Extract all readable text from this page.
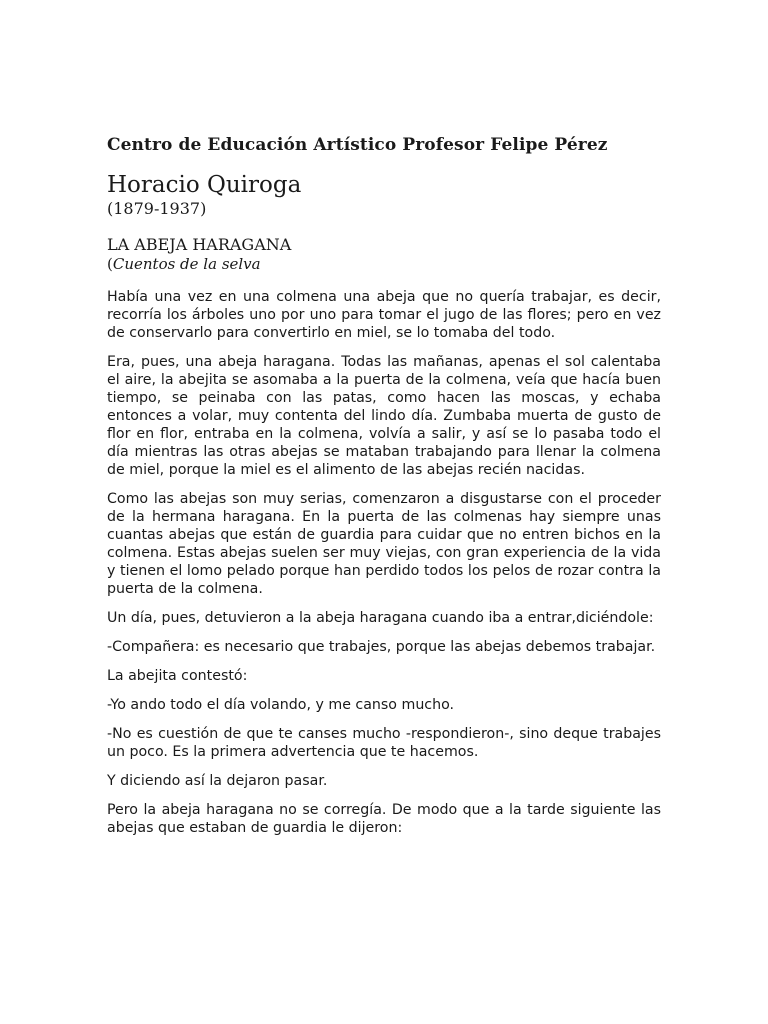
Centro de Educación Artístico Profesor Felipe Pérez
Horacio Quiroga
(1879-1937)
LA ABEJA HARAGANA
(Cuentos de la selva

Había una vez en una colmena una abeja que no quería trabajar, es decir, recorría los árboles uno por uno para tomar el jugo de las flores; pero en vez de conservarlo para convertirlo en miel, se lo tomaba del todo.

Era, pues, una abeja haragana. Todas las mañanas, apenas el sol calentaba el aire, la abejita se asomaba a la puerta de la colmena, veía que hacía buen tiempo, se peinaba con las patas, como hacen las moscas, y echaba entonces a volar, muy contenta del lindo día. Zumbaba muerta de gusto de flor en flor, entraba en la colmena, volvía a salir, y así se lo pasaba todo el día mientras las otras abejas se mataban trabajando para llenar la colmena de miel, porque la miel es el alimento de las abejas recién nacidas.

Como las abejas son muy serias, comenzaron a disgustarse con el proceder de la hermana haragana. En la puerta de las colmenas hay siempre unas cuantas abejas que están de guardia para cuidar que no entren bichos en la colmena. Estas abejas suelen ser muy viejas, con gran experiencia de la vida y tienen el lomo pelado porque han perdido todos los pelos de rozar contra la puerta de la colmena.

Un día, pues, detuvieron a la abeja haragana cuando iba a entrar,diciéndole:

-Compañera: es necesario que trabajes, porque las abejas debemos trabajar.

La abejita contestó:

-Yo ando todo el día volando, y me canso mucho.

-No es cuestión de que te canses mucho -respondieron-, sino deque trabajes un poco. Es la primera advertencia que te hacemos.

Y diciendo así la dejaron pasar.

Pero la abeja haragana no se corregía. De modo que a la tarde siguiente las abejas que estaban de guardia le dijeron:
